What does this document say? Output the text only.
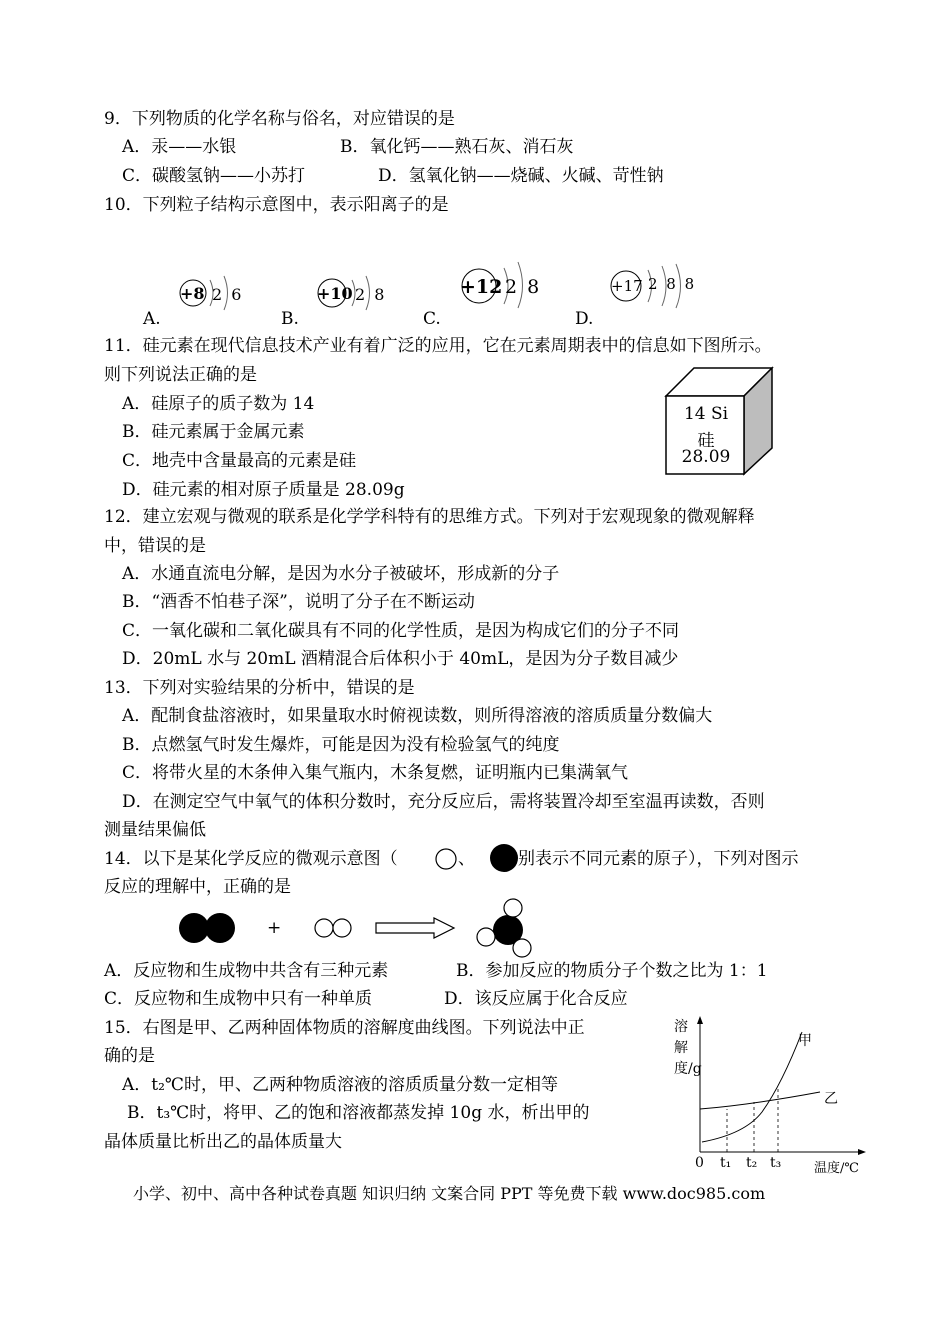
9．下列物质的化学名称与俗名，对应错误的是
A．汞——水银	B．氧化钙——熟石灰、消石灰
C．碳酸氢钠——小苏打	D．氢氧化钠——烧碱、火碱、苛性钠
10．下列粒子结构示意图中，表示阳离子的是
+8 2 6
A.
+10 2 8
B.
+12 2 8
C.
+17 2 8 8
D.
11．硅元素在现代信息技术产业有着广泛的应用，它在元素周期表中的信息如下图所示。
则下列说法正确的是
A．硅原子的质子数为 14
B．硅元素属于金属元素
C．地壳中含量最高的元素是硅
D．硅元素的相对原子质量是 28.09g
14 Si
硅
28.09
12．建立宏观与微观的联系是化学学科特有的思维方式。下列对于宏观现象的微观解释
中，错误的是
A．水通直流电分解，是因为水分子被破坏，形成新的分子
B．“酒香不怕巷子深”，说明了分子在不断运动
C．一氧化碳和二氧化碳具有不同的化学性质，是因为构成它们的分子不同
D．20mL 水与 20mL 酒精混合后体积小于 40mL，是因为分子数目减少
13．下列对实验结果的分析中，错误的是
A．配制食盐溶液时，如果量取水时俯视读数，则所得溶液的溶质质量分数偏大
B．点燃氢气时发生爆炸，可能是因为没有检验氢气的纯度
C．将带火星的木条伸入集气瓶内，木条复燃，证明瓶内已集满氧气
D．在测定空气中氧气的体积分数时，充分反应后，需将装置冷却至室温再读数，否则
测量结果偏低
14．以下是某化学反应的微观示意图（	、	别表示不同元素的原子），下列对图示
反应的理解中，正确的是
+
A．反应物和生成物中共含有三种元素	B．参加反应的物质分子个数之比为 1：1
C．反应物和生成物中只有一种单质	D．该反应属于化合反应
15．右图是甲、乙两种固体物质的溶解度曲线图。下列说法中正
确的是
A．t₂℃时，甲、乙两种物质溶液的溶质质量分数一定相等
B．t₃℃时，将甲、乙的饱和溶液都蒸发掉 10g 水，析出甲的
晶体质量比析出乙的晶体质量大
溶解度/g
甲
乙
0 t₁ t₂ t₃	温度/℃
小学、初中、高中各种试卷真题 知识归纳 文案合同 PPT 等免费下载 www.doc985.com
